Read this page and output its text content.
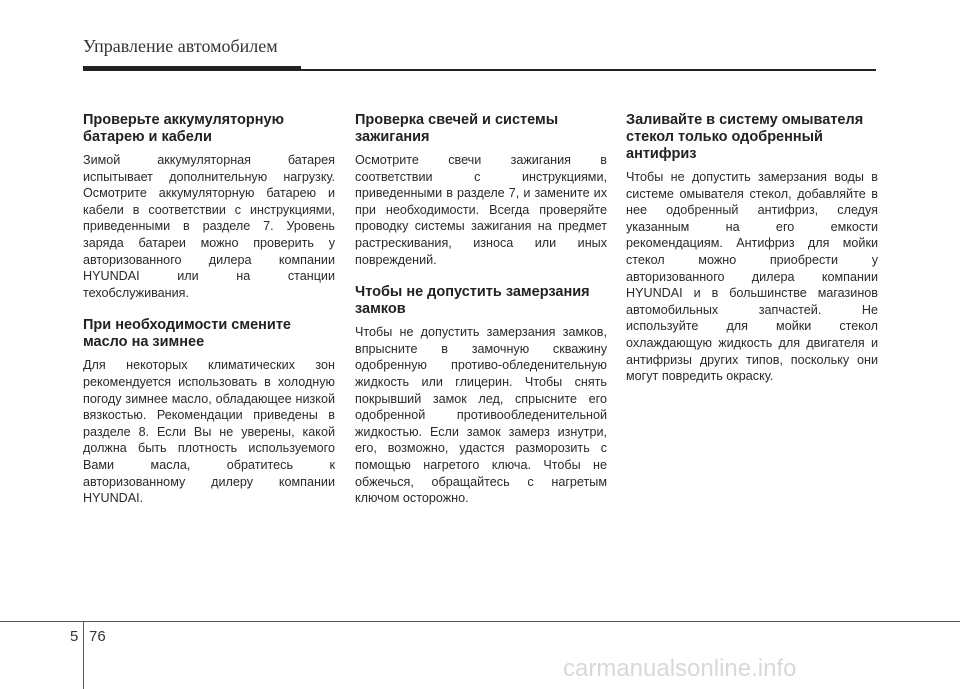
Управление автомобилем
Проверьте аккумуляторную батарею и кабели

Зимой аккумуляторная батарея испытывает дополнительную нагрузку. Осмотрите аккумуляторную батарею и кабели в соответствии с инструкциями, приведенными в разделе 7. Уровень заряда батареи можно проверить у авторизованного дилера компании HYUNDAI или на станции техобслуживания.

При необходимости смените масло на зимнее

Для некоторых климатических зон рекомендуется использовать в холодную погоду зимнее масло, обладающее низкой вязкостью. Рекомендации приведены в разделе 8. Если Вы не уверены, какой должна быть плотность используемого Вами масла, обратитесь к авторизованному дилеру компании HYUNDAI.

Проверка свечей и системы зажигания

Осмотрите свечи зажигания в соответствии с инструкциями, приведенными в разделе 7, и замените их при необходимости. Всегда проверяйте проводку системы зажигания на предмет растрескивания, износа или иных повреждений.

Чтобы не допустить замерзания замков

Чтобы не допустить замерзания замков, впрысните в замочную скважину одобренную противо-обледенительную жидкость или глицерин. Чтобы снять покрывший замок лед, спрысните его одобренной противообледенительной жидкостью. Если замок замерз изнутри, его, возможно, удастся разморозить с помощью нагретого ключа. Чтобы не обжечься, обращайтесь с нагретым ключом осторожно.

Заливайте в систему омывателя стекол только одобренный антифриз

Чтобы не допустить замерзания воды в системе омывателя стекол, добавляйте в нее одобренный антифриз, следуя указанным на его емкости рекомендациям. Антифриз для мойки стекол можно приобрести у авторизованного дилера компании HYUNDAI и в большинстве магазинов автомобильных запчастей. Не используйте для мойки стекол охлаждающую жидкость для двигателя и антифризы других типов, поскольку они могут повредить окраску.

5 76
carmanualsonline.info
